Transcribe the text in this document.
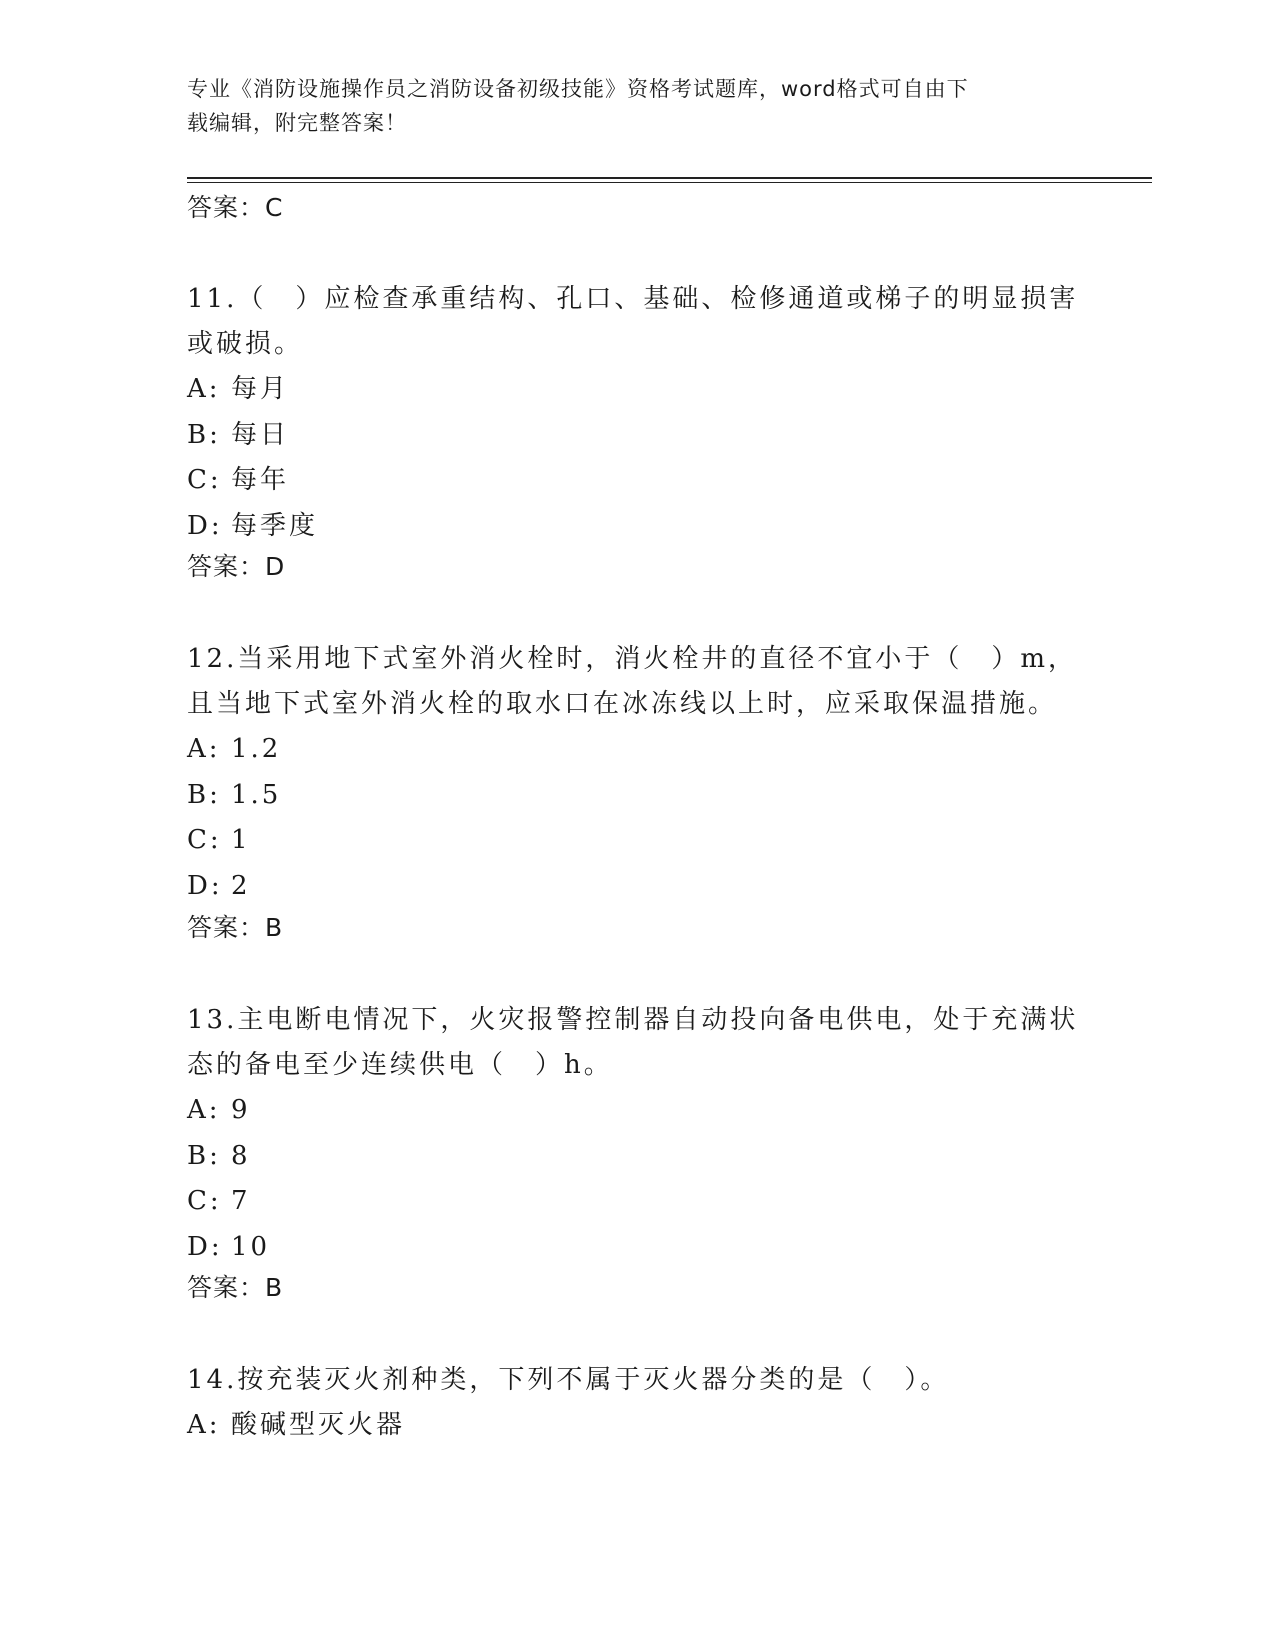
专业《消防设施操作员之消防设备初级技能》资格考试题库，word格式可自由下
载编辑，附完整答案！
答案：C
11.（　）应检查承重结构、孔口、基础、检修通道或梯子的明显损害
或破损。
A: 每月
B: 每日
C: 每年
D: 每季度
答案：D
12.当采用地下式室外消火栓时，消火栓井的直径不宜小于（　）m，
且当地下式室外消火栓的取水口在冰冻线以上时，应采取保温措施。
A: 1.2
B: 1.5
C: 1
D: 2
答案：B
13.主电断电情况下，火灾报警控制器自动投向备电供电，处于充满状
态的备电至少连续供电（　）h。
A: 9
B: 8
C: 7
D: 10
答案：B
14.按充装灭火剂种类，下列不属于灭火器分类的是（　）。
A: 酸碱型灭火器
